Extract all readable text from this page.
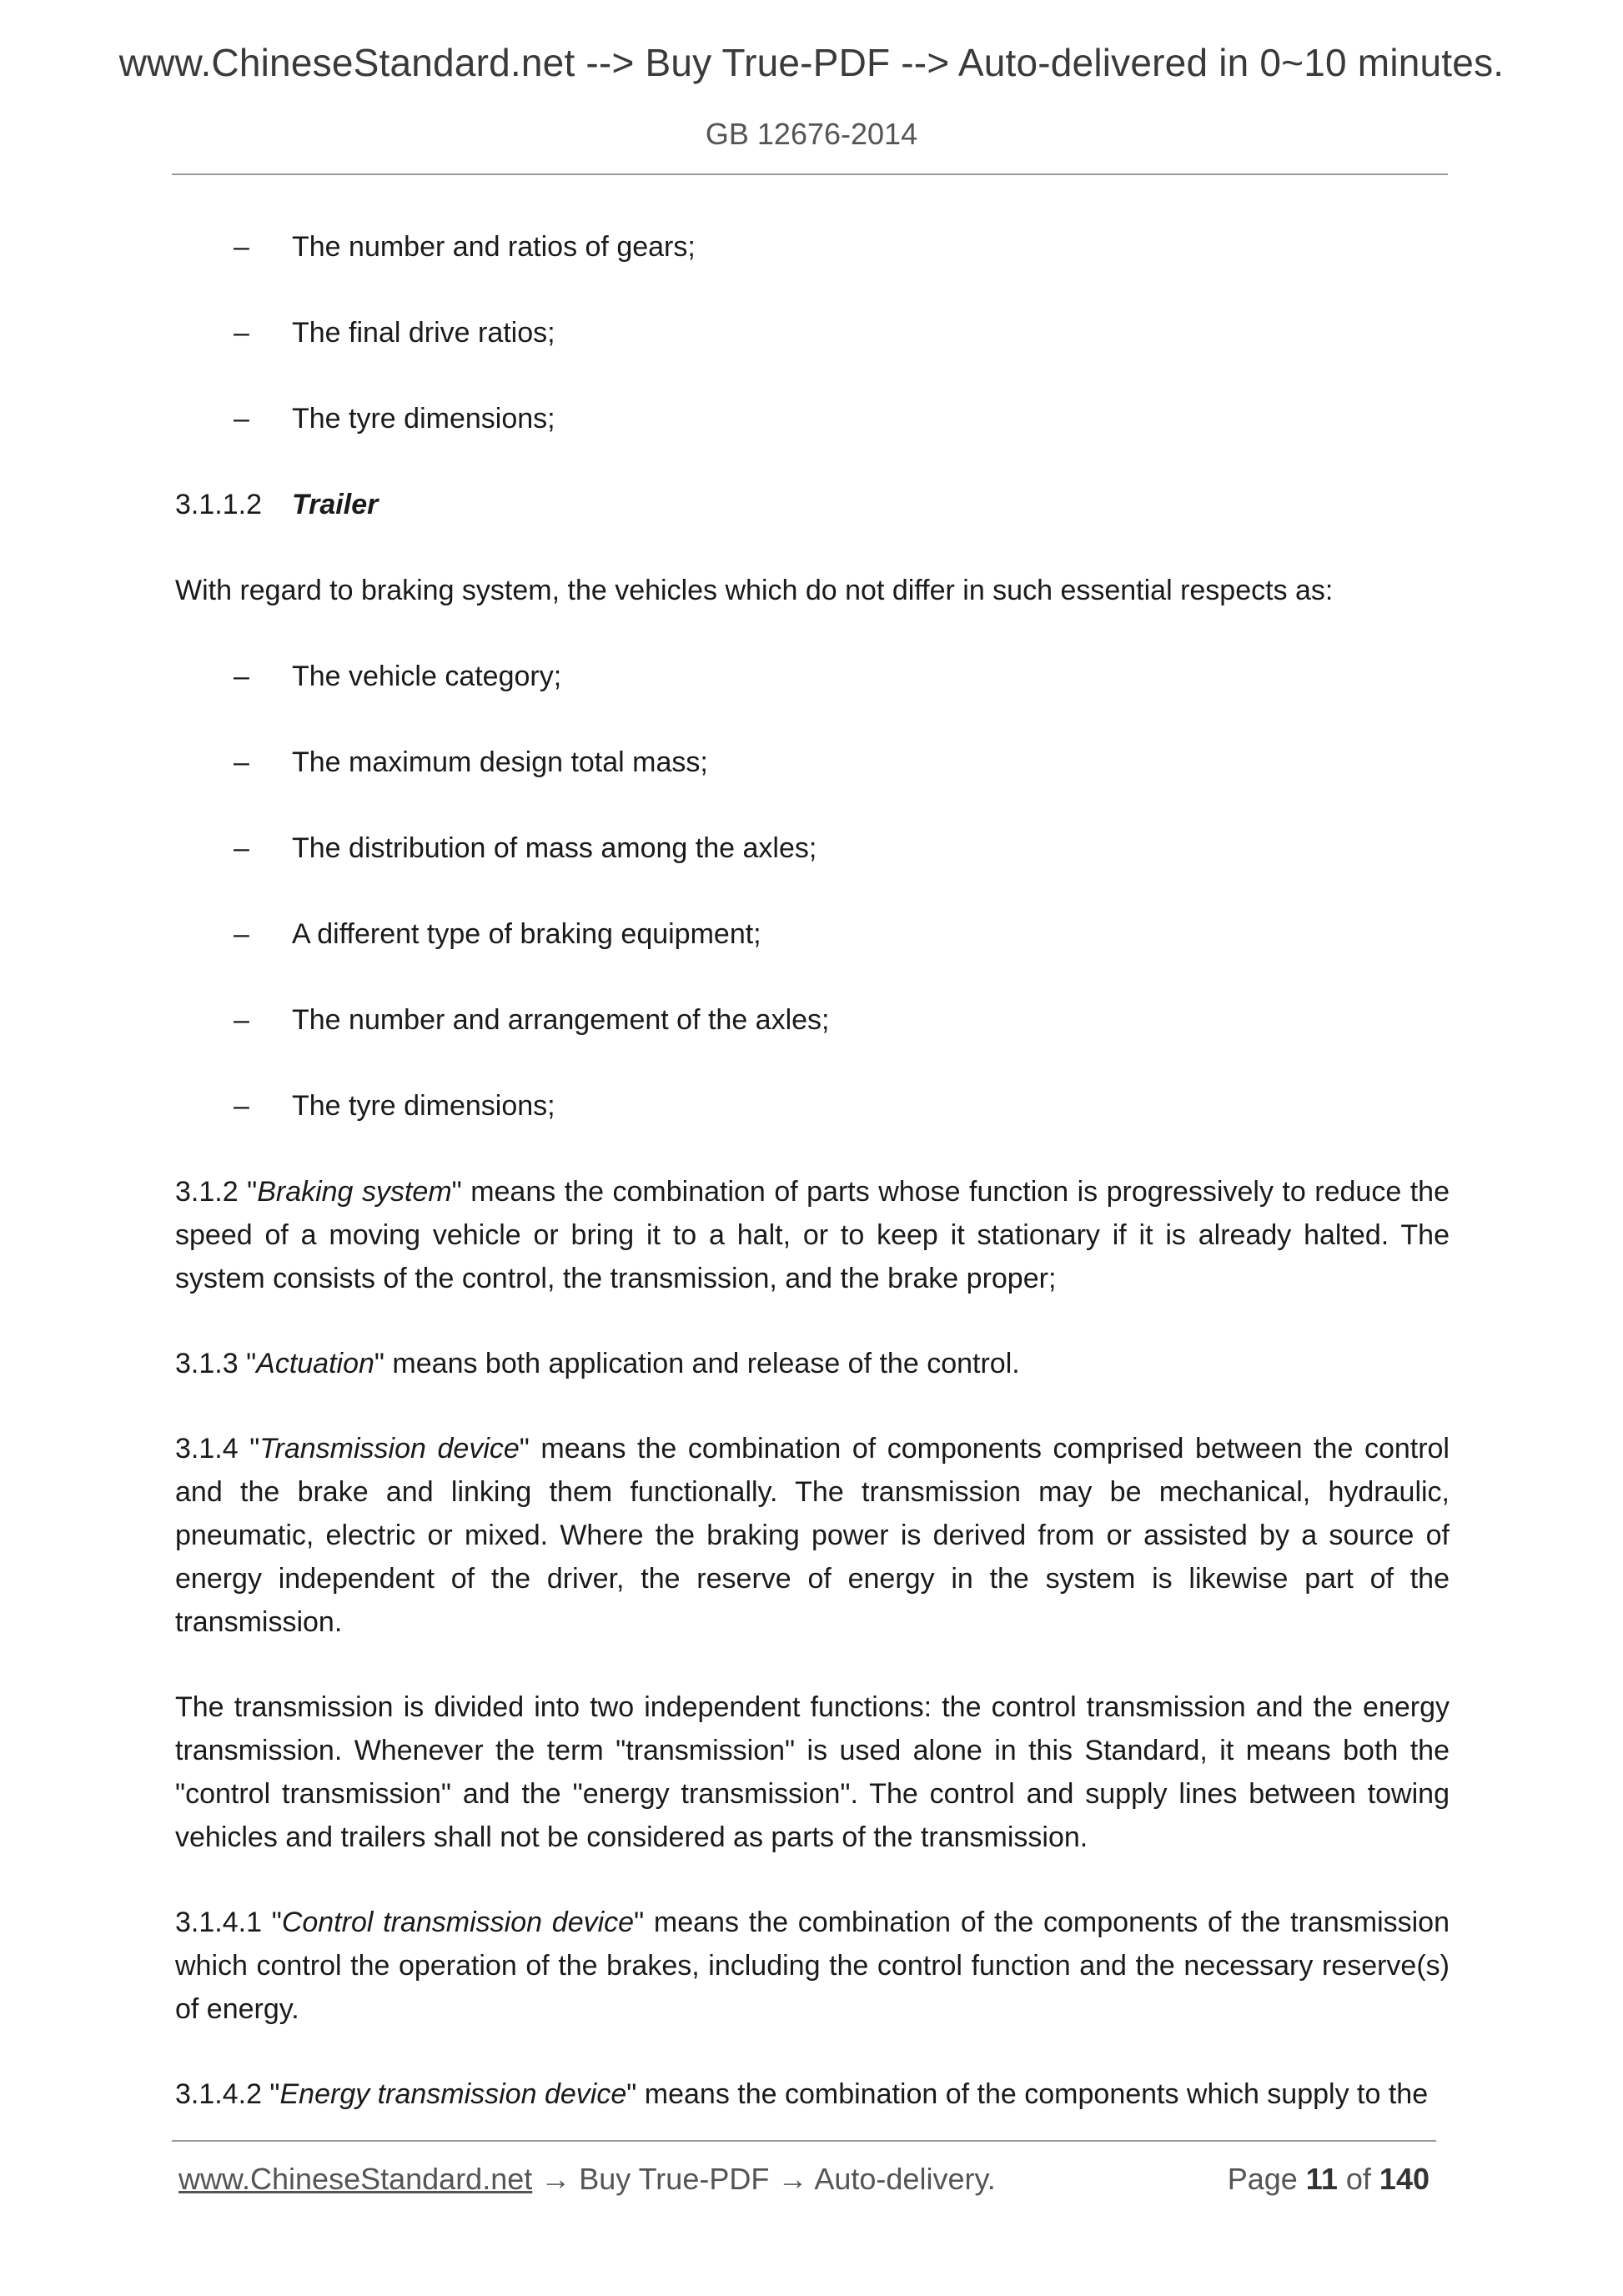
www.ChineseStandard.net --> Buy True-PDF --> Auto-delivered in 0~10 minutes.
GB 12676-2014
– The number and ratios of gears;
– The final drive ratios;
– The tyre dimensions;
3.1.1.2 Trailer
With regard to braking system, the vehicles which do not differ in such essential respects as:
– The vehicle category;
– The maximum design total mass;
– The distribution of mass among the axles;
– A different type of braking equipment;
– The number and arrangement of the axles;
– The tyre dimensions;
3.1.2 "Braking system" means the combination of parts whose function is progressively to reduce the speed of a moving vehicle or bring it to a halt, or to keep it stationary if it is already halted. The system consists of the control, the transmission, and the brake proper;
3.1.3 "Actuation" means both application and release of the control.
3.1.4 "Transmission device" means the combination of components comprised between the control and the brake and linking them functionally. The transmission may be mechanical, hydraulic, pneumatic, electric or mixed. Where the braking power is derived from or assisted by a source of energy independent of the driver, the reserve of energy in the system is likewise part of the transmission.
The transmission is divided into two independent functions: the control transmission and the energy transmission. Whenever the term "transmission" is used alone in this Standard, it means both the "control transmission" and the "energy transmission". The control and supply lines between towing vehicles and trailers shall not be considered as parts of the transmission.
3.1.4.1 "Control transmission device" means the combination of the components of the transmission which control the operation of the brakes, including the control function and the necessary reserve(s) of energy.
3.1.4.2 "Energy transmission device" means the combination of the components which supply to the
www.ChineseStandard.net → Buy True-PDF → Auto-delivery.	Page 11 of 140
